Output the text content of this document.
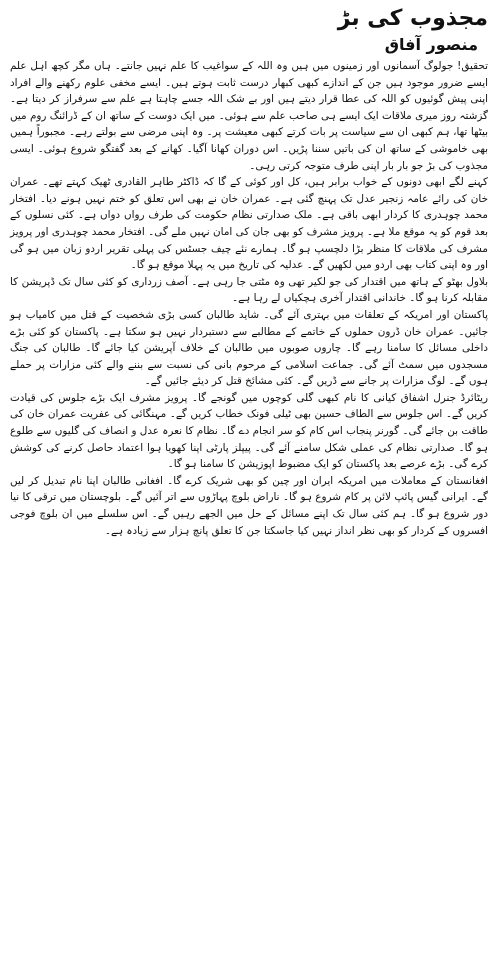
مجذوب کی بڑ
منصور آفاق

تحقیق! جولوگ آسمانوں اور زمینوں میں ہیں وہ اللہ کے سواغیب کا علم نہیں جانتے۔ ہاں مگر کچھ اہل علم ایسے ضرور موجود ہیں جن کے اندازے کبھی کبھار درست ثابت ہوتے ہیں۔ ایسے مخفی علوم رکھنے والے افراد اپنی پیش گوئیوں کو اللہ کی عطا قرار دیتے ہیں اور بے شک اللہ جسے چاہتا ہے علم سے سرفراز کر دیتا ہے۔ گزشتہ روز میری ملاقات ایک ایسے ہی صاحب علم سے ہوئی۔ میں ایک دوست کے ساتھ ان کے ڈرائنگ روم میں بیٹھا تھا، ہم کبھی ان سے سیاست پر بات کرتے کبھی معیشت پر۔ وہ اپنی مرضی سے بولتے رہے۔ مجبوراً ہمیں بھی خاموشی کے ساتھ ان کی باتیں سننا پڑیں۔ اس دوران کھانا آگیا۔ کھانے کے بعد گفتگو شروع ہوئی۔ ایسی مجذوب کی بڑ جو بار بار اپنی طرف متوجہ کرتی رہی۔

کہنے لگے ابھی دونوں کے خواب برابر ہیں، کل اور کوئی کے گا کہ ڈاکٹر طاہر القادری ٹھیک کہتے تھے۔ عمران خان کی رائے عامہ زنجیر عدل تک پہنچ گئی ہے۔ عمران خان نے بھی اس تعلق کو ختم نہیں ہونے دیا۔ افتخار محمد چوہدری کا کردار ابھی باقی ہے۔ ملک صدارتی نظام حکومت کی طرف رواں دواں ہے۔ کئی نسلوں کے بعد قوم کو یہ موقع ملا ہے۔ پرویز مشرف کو بھی جان کی امان نہیں ملے گی۔ افتخار محمد چوہدری اور پرویز مشرف کی ملاقات کا منظر بڑا دلچسپ ہو گا۔ ہمارے نئے چیف جسٹس کی پہلی تقریر اردو زبان میں ہو گی اور وہ اپنی کتاب بھی اردو میں لکھیں گے۔ عدلیہ کی تاریخ میں یہ پہلا موقع ہو گا۔

بلاول بھٹو کے ہاتھ میں اقتدار کی جو لکیر تھی وہ مٹتی جا رہی ہے۔ آصف زرداری کو کئی سال تک ڈپریشن کا مقابلہ کرنا ہو گا۔ خاندانی اقتدار آخری ہچکیاں لے رہا ہے۔

پاکستان اور امریکہ کے تعلقات میں بہتری آئے گی۔ شاید طالبان کسی بڑی شخصیت کے قتل میں کامیاب ہو جائیں۔ عمران خان ڈرون حملوں کے خاتمے کے مطالبے سے دستبردار نہیں ہو سکتا ہے۔ پاکستان کو کئی بڑے داخلی مسائل کا سامنا رہے گا۔ چاروں صوبوں میں طالبان کے خلاف آپریشن کیا جائے گا۔ طالبان کی جنگ مسجدوں میں سمٹ آئے گی۔ جماعت اسلامی کے مرحوم بانی کی نسبت سے بننے والے کئی مزارات پر حملے ہوں گے۔ لوگ مزارات پر جانے سے ڈریں گے۔ کئی مشائخ قتل کر دیئے جائیں گے۔

ریٹائرڈ جنرل اشفاق کیانی کا نام کبھی گلی کوچوں میں گونجے گا۔ پرویز مشرف ایک بڑے جلوس کی قیادت کریں گے۔ اس جلوس سے الطاف حسین بھی ٹیلی فونک خطاب کریں گے۔ مہنگائی کی عفریت عمران خان کی طاقت بن جائے گی۔ گورنر پنجاب اس کام کو سر انجام دے گا۔ نظام کا نعرہ عدل و انصاف کی گلیوں سے طلوع ہو گا۔ صدارتی نظام کی عملی شکل سامنے آئے گی۔ پیپلز پارٹی اپنا کھویا ہوا اعتماد حاصل کرنے کی کوشش کرے گی۔ بڑے عرصے بعد پاکستان کو ایک مضبوط اپوزیشن کا سامنا ہو گا۔

افغانستان کے معاملات میں امریکہ ایران اور چین کو بھی شریک کرے گا۔ افغانی طالبان اپنا نام تبدیل کر لیں گے۔ ایرانی گیس پائپ لائن پر کام شروع ہو گا۔ ناراض بلوچ پہاڑوں سے اتر آئیں گے۔ بلوچستان میں ترقی کا نیا دور شروع ہو گا۔ ہم کئی سال تک اپنے مسائل کے حل میں الجھے رہیں گے۔ اس سلسلے میں ان بلوچ فوجی افسروں کے کردار کو بھی نظر انداز نہیں کیا جاسکتا جن کا تعلق پانچ ہزار سے زیادہ ہے۔
